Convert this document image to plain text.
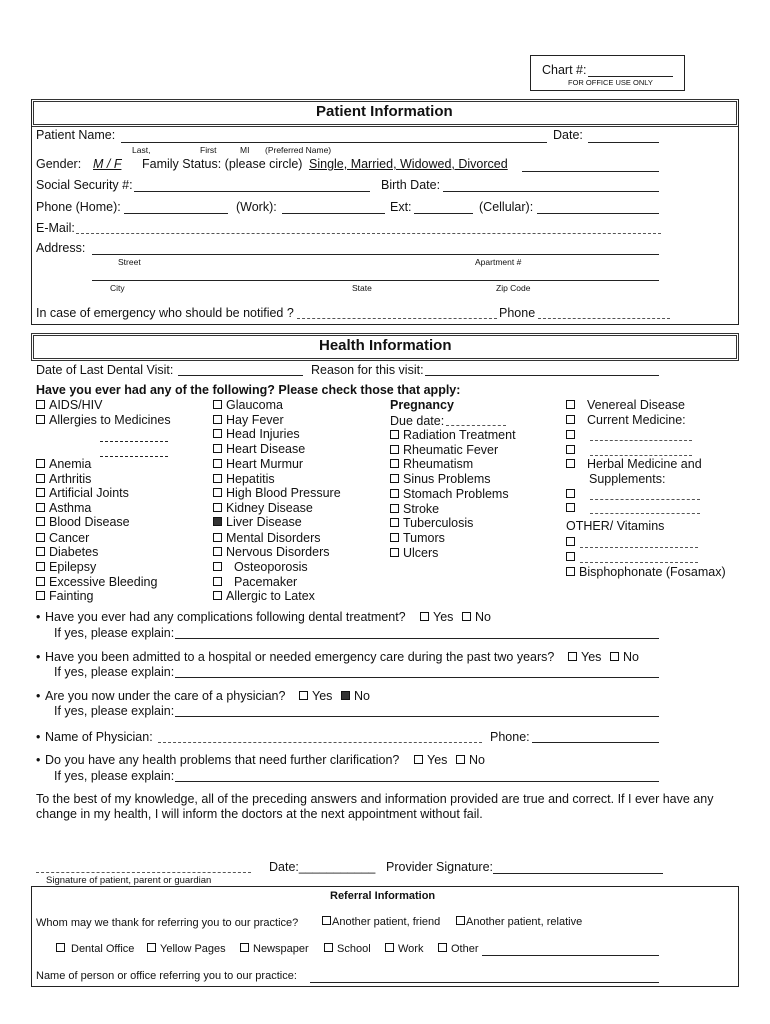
Chart #:
FOR OFFICE USE ONLY
Patient Information
Patient Name:	Date:
Last,	First	MI (Preferred Name)
Gender: M / F Family Status: (please circle) Single, Married, Widowed, Divorced
Social Security #:	Birth Date:
Phone (Home):	(Work):	Ext:	(Cellular):
E-Mail:
Address:
Street	Apartment #
City	State	Zip Code
In case of emergency who should be notified ?	Phone
Health Information
Date of Last Dental Visit:	Reason for this visit:
Have you ever had any of the following? Please check those that apply:
AIDS/HIV
Allergies to Medicines
Anemia
Arthritis
Artificial Joints
Asthma
Blood Disease
Cancer
Diabetes
Epilepsy
Excessive Bleeding
Fainting
Glaucoma
Hay Fever
Head Injuries
Heart Disease
Heart Murmur
Hepatitis
High Blood Pressure
Kidney Disease
Liver Disease
Mental Disorders
Nervous Disorders
Osteoporosis
Pacemaker
Allergic to Latex
Pregnancy
Due date:
Radiation Treatment
Rheumatic Fever
Rheumatism
Sinus Problems
Stomach Problems
Stroke
Tuberculosis
Tumors
Ulcers
Venereal Disease
Current Medicine:
Herbal Medicine and
Supplements:
OTHER/ Vitamins
Bisphophonate (Fosamax)
• Have you ever had any complications following dental treatment?	Yes	No
If yes, please explain:
• Have you been admitted to a hospital or needed emergency care during the past two years?	Yes	No
If yes, please explain:
• Are you now under the care of a physician?	Yes	No
If yes, please explain:
• Name of Physician:	Phone:
• Do you have any health problems that need further clarification?	Yes	No
If yes, please explain:
To the best of my knowledge, all of the preceding answers and information provided are true and correct. If I ever have any change in my health, I will inform the doctors at the next appointment without fail.
Date:___________ Provider Signature:
Signature of patient, parent or guardian
Referral Information
Whom may we thank for referring you to our practice?	Another patient, friend	Another patient, relative
Dental Office	Yellow Pages	Newspaper	School	Work	Other
Name of person or office referring you to our practice:
